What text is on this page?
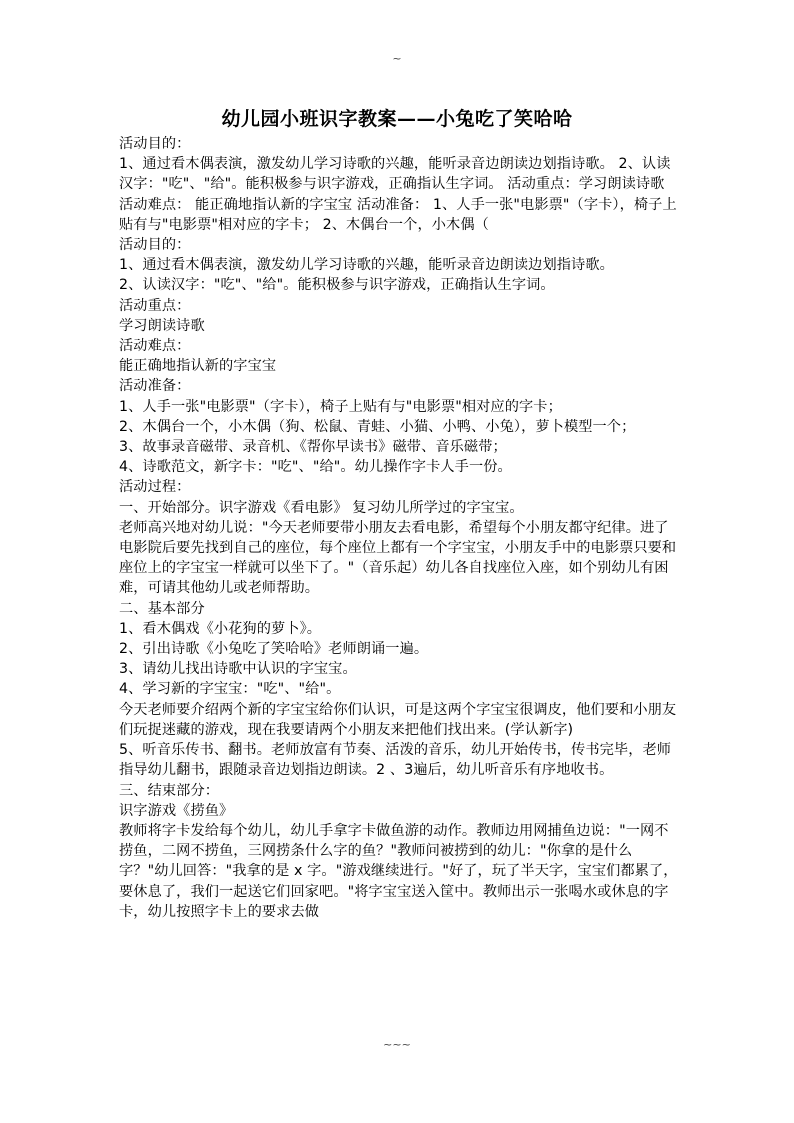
~
幼儿园小班识字教案——小兔吃了笑哈哈

活动目的：

1、通过看木偶表演，激发幼儿学习诗歌的兴趣，能听录音边朗读边划指诗歌。 2、认读汉字："吃"、"给"。能积极参与识字游戏，正确指认生字词。 活动重点：学习朗读诗歌 活动难点： 能正确地指认新的字宝宝 活动准备： 1、人手一张"电影票"（字卡），椅子上贴有与"电影票"相对应的字卡； 2、木偶台一个，小木偶（

活动目的：

1、通过看木偶表演，激发幼儿学习诗歌的兴趣，能听录音边朗读边划指诗歌。

2、认读汉字："吃"、"给"。能积极参与识字游戏，正确指认生字词。

活动重点：

学习朗读诗歌

活动难点：

能正确地指认新的字宝宝

活动准备：

1、人手一张"电影票"（字卡），椅子上贴有与"电影票"相对应的字卡；

2、木偶台一个，小木偶（狗、松鼠、青蛙、小猫、小鸭、小兔），萝卜模型一个；

3、故事录音磁带、录音机、《帮你早读书》磁带、音乐磁带；

4、诗歌范文，新字卡："吃"、"给"。幼儿操作字卡人手一份。

活动过程：

一、开始部分。识字游戏《看电影》 复习幼儿所学过的字宝宝。

老师高兴地对幼儿说："今天老师要带小朋友去看电影，希望每个小朋友都守纪律。进了电影院后要先找到自己的座位，每个座位上都有一个字宝宝，小朋友手中的电影票只要和座位上的字宝宝一样就可以坐下了。"（音乐起）幼儿各自找座位入座，如个别幼儿有困难，可请其他幼儿或老师帮助。

二、基本部分

1、看木偶戏《小花狗的萝卜》。

2、引出诗歌《小兔吃了笑哈哈》老师朗诵一遍。

3、请幼儿找出诗歌中认识的字宝宝。

4、学习新的字宝宝："吃"、"给"。

今天老师要介绍两个新的字宝宝给你们认识，可是这两个字宝宝很调皮，他们要和小朋友们玩捉迷藏的游戏，现在我要请两个小朋友来把他们找出来。(学认新字)

5、听音乐传书、翻书。老师放富有节奏、活泼的音乐，幼儿开始传书，传书完毕，老师指导幼儿翻书，跟随录音边划指边朗读。2 、3遍后，幼儿听音乐有序地收书。

三、结束部分：

识字游戏《捞鱼》

教师将字卡发给每个幼儿，幼儿手拿字卡做鱼游的动作。教师边用网捕鱼边说："一网不捞鱼，二网不捞鱼，三网捞条什么字的鱼？"教师问被捞到的幼儿："你拿的是什么字？"幼儿回答："我拿的是 x 字。"游戏继续进行。"好了，玩了半天字，宝宝们都累了，要休息了，我们一起送它们回家吧。"将字宝宝送入筐中。教师出示一张喝水或休息的字卡，幼儿按照字卡上的要求去做

~~~
